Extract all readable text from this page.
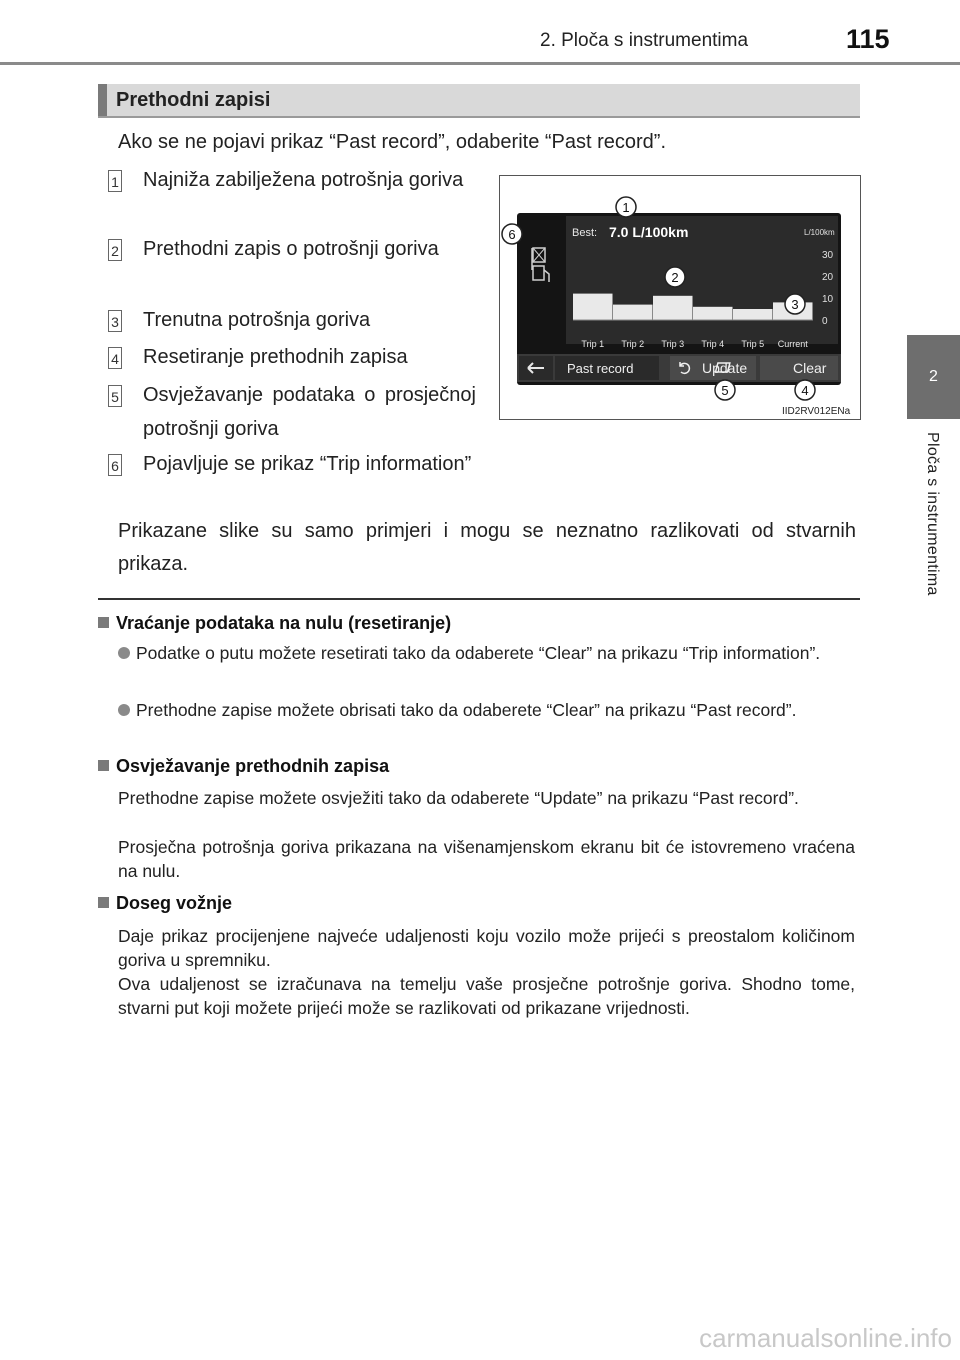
2. Ploča s instrumentima	115
2
Ploča s instrumentima
Prethodni zapisi
Ako se ne pojavi prikaz “Past record”, odaberite “Past record”.
1 Najniža zabilježena potrošnja goriva
2 Prethodni zapis o potrošnji goriva
3 Trenutna potrošnja goriva
4 Resetiranje prethodnih zapisa
5 Osvježavanje podataka o prosječnoj potrošnji goriva
6 Pojavljuje se prikaz “Trip information”
Best: 7.0 L/100km	L/100km
30
20
10
0
Trip 1 Trip 2 Trip 3 Trip 4 Trip 5 Current
Past record	Update	Clear
1
2
3
4
5
6
IID2RV012ENa
Prikazane slike su samo primjeri i mogu se neznatno razlikovati od stvarnih prikaza.
Vraćanje podataka na nulu (resetiranje)
Podatke o putu možete resetirati tako da odaberete “Clear” na prikazu “Trip information”.
Prethodne zapise možete obrisati tako da odaberete “Clear” na prikazu “Past record”.
Osvježavanje prethodnih zapisa
Prethodne zapise možete osvježiti tako da odaberete “Update” na prikazu “Past record”.
Prosječna potrošnja goriva prikazana na višenamjenskom ekranu bit će istovremeno vraćena na nulu.
Doseg vožnje
Daje prikaz procijenjene najveće udaljenosti koju vozilo može prijeći s preostalom količinom goriva u spremniku.
Ova udaljenost se izračunava na temelju vaše prosječne potrošnje goriva. Shodno tome, stvarni put koji možete prijeći može se razlikovati od prikazane vrijednosti.
carmanualsonline.info
